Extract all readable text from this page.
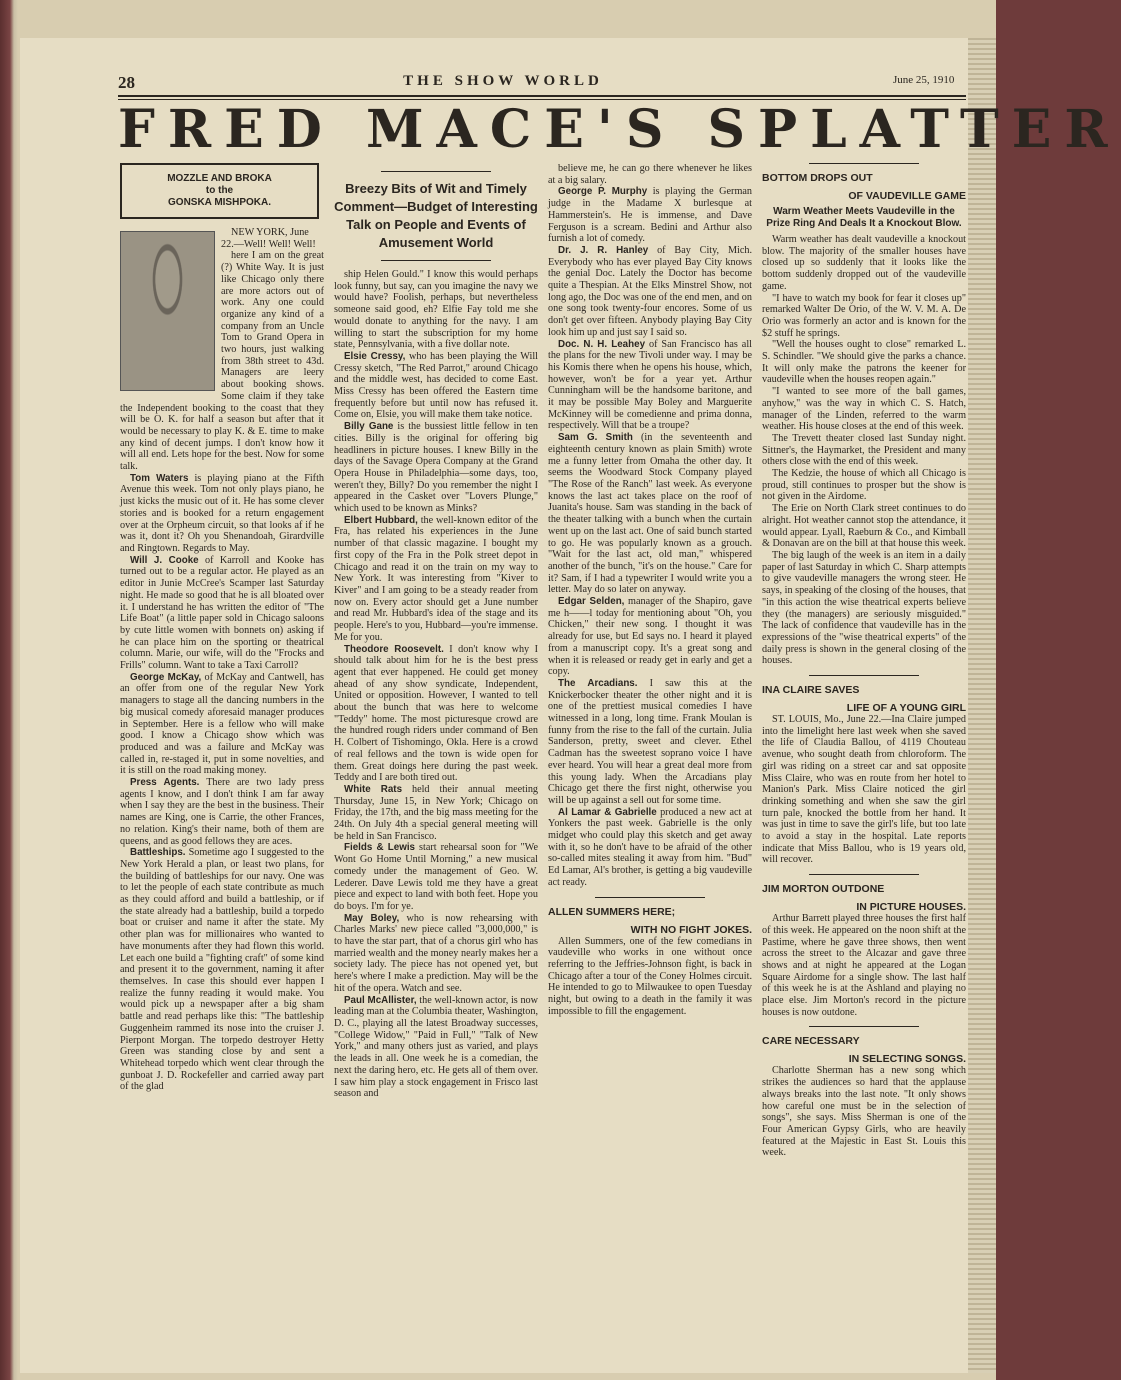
28	THE SHOW WORLD	June 25, 1910
FRED MACE'S SPLATTER
MOZZLE AND BROKA
to the
GONSKA MISHPOKA.

NEW YORK, June 22.—Well! Well! Well!

here I am on the great (?) White Way. It is just like Chicago only there are more actors out of work. Any one could organize any kind of a company from an Uncle Tom to Grand Opera in two hours, just walking from 38th street to 43d. Managers are leery about booking shows. Some claim if they take the Independent booking to the coast that they will be O. K. for half a season but after that it would be necessary to play K. & E. time to make any kind of decent jumps. I don't know how it will all end. Lets hope for the best. Now for some talk.

Tom Waters is playing piano at the Fifth Avenue this week. Tom not only plays piano, he just kicks the music out of it. He has some clever stories and is booked for a return engagement over at the Orpheum circuit, so that looks af if he was it, dont it? Oh you Shenandoah, Girardville and Ringtown. Regards to May.

Will J. Cooke of Karroll and Kooke has turned out to be a regular actor. He played as an editor in Junie McCree's Scamper last Saturday night. He made so good that he is all bloated over it. I understand he has written the editor of "The Life Boat" (a little paper sold in Chicago saloons by cute little women with bonnets on) asking if he can place him on the sporting or theatrical column. Marie, our wife, will do the "Frocks and Frills" column. Want to take a Taxi Carroll?

George McKay, of McKay and Cantwell, has an offer from one of the regular New York managers to stage all the dancing numbers in the big musical comedy aforesaid manager produces in September. Here is a fellow who will make good. I know a Chicago show which was produced and was a failure and McKay was called in, re-staged it, put in some novelties, and it is still on the road making money.

Press Agents. There are two lady press agents I know, and I don't think I am far away when I say they are the best in the business. Their names are King, one is Carrie, the other Frances, no relation. King's their name, both of them are queens, and as good fellows they are aces.

Battleships. Sometime ago I suggested to the New York Herald a plan, or least two plans, for the building of battleships for our navy. One was to let the people of each state contribute as much as they could afford and build a battleship, or if the state already had a battleship, build a torpedo boat or cruiser and name it after the state. My other plan was for millionaires who wanted to have monuments after they had flown this world. Let each one build a "fighting craft" of some kind and present it to the government, naming it after themselves. In case this should ever happen I realize the funny reading it would make. You would pick up a newspaper after a big sham battle and read perhaps like this: "The battleship Guggenheim rammed its nose into the cruiser J. Pierpont Morgan. The torpedo destroyer Hetty Green was standing close by and sent a Whitehead torpedo which went clear through the gunboat J. D. Rockefeller and carried away part of the glad

Breezy Bits of Wit and Timely Comment—Budget of Interesting Talk on People and Events of Amusement World

ship Helen Gould." I know this would perhaps look funny, but say, can you imagine the navy we would have? Foolish, perhaps, but nevertheless someone said good, eh? Elfie Fay told me she would donate to anything for the navy. I am willing to start the subscription for my home state, Pennsylvania, with a five dollar note.

Elsie Cressy, who has been playing the Will Cressy sketch, "The Red Parrot," around Chicago and the middle west, has decided to come East. Miss Cressy has been offered the Eastern time frequently before but until now has refused it. Come on, Elsie, you will make them take notice.

Billy Gane is the bussiest little fellow in ten cities. Billy is the original for offering big headliners in picture houses. I knew Billy in the days of the Savage Opera Company at the Grand Opera House in Philadelphia—some days, too, weren't they, Billy? Do you remember the night I appeared in the Casket over "Lovers Plunge," which used to be known as Minks?

Elbert Hubbard, the well-known editor of the Fra, has related his experiences in the June number of that classic magazine. I bought my first copy of the Fra in the Polk street depot in Chicago and read it on the train on my way to New York. It was interesting from "Kiver to Kiver" and I am going to be a steady reader from now on. Every actor should get a June number and read Mr. Hubbard's idea of the stage and its people. Here's to you, Hubbard—you're immense. Me for you.

Theodore Roosevelt. I don't know why I should talk about him for he is the best press agent that ever happened. He could get money ahead of any show syndicate, Independent, United or opposition. However, I wanted to tell about the bunch that was here to welcome "Teddy" home. The most picturesque crowd are the hundred rough riders under command of Ben H. Colbert of Tishomingo, Okla. Here is a crowd of real fellows and the town is wide open for them. Great doings here during the past week. Teddy and I are both tired out.

White Rats held their annual meeting Thursday, June 15, in New York; Chicago on Friday, the 17th, and the big mass meeting for the 24th. On July 4th a special general meeting will be held in San Francisco.

Fields & Lewis start rehearsal soon for "We Wont Go Home Until Morning," a new musical comedy under the management of Geo. W. Lederer. Dave Lewis told me they have a great piece and expect to land with both feet. Hope you do boys. I'm for ye.

May Boley, who is now rehearsing with Charles Marks' new piece called "3,000,000," is to have the star part, that of a chorus girl who has married wealth and the money nearly makes her a society lady. The piece has not opened yet, but here's where I make a prediction. May will be the hit of the opera. Watch and see.

Paul McAllister, the well-known actor, is now leading man at the Columbia theater, Washington, D. C., playing all the latest Broadway successes, "College Widow," "Paid in Full," "Talk of New York," and many others just as varied, and plays the leads in all. One week he is a comedian, the next the daring hero, etc. He gets all of them over. I saw him play a stock engagement in Frisco last season and

believe me, he can go there whenever he likes at a big salary.

George P. Murphy is playing the German judge in the Madame X burlesque at Hammerstein's. He is immense, and Dave Ferguson is a scream. Bedini and Arthur also furnish a lot of comedy.

Dr. J. R. Hanley of Bay City, Mich. Everybody who has ever played Bay City knows the genial Doc. Lately the Doctor has become quite a Thespian. At the Elks Minstrel Show, not long ago, the Doc was one of the end men, and on one song took twenty-four encores. Some of us don't get over fifteen. Anybody playing Bay City look him up and just say I said so.

Doc. N. H. Leahey of San Francisco has all the plans for the new Tivoli under way. I may be his Komis there when he opens his house, which, however, won't be for a year yet. Arthur Cunningham will be the handsome baritone, and it may be possible May Boley and Marguerite McKinney will be comedienne and prima donna, respectively. Will that be a troupe?

Sam G. Smith (in the seventeenth and eighteenth century known as plain Smith) wrote me a funny letter from Omaha the other day. It seems the Woodward Stock Company played "The Rose of the Ranch" last week. As everyone knows the last act takes place on the roof of Juanita's house. Sam was standing in the back of the theater talking with a bunch when the curtain went up on the last act. One of said bunch started to go. He was popularly known as a grouch. "Wait for the last act, old man," whispered another of the bunch, "it's on the house." Care for it? Sam, if I had a typewriter I would write you a letter. May do so later on anyway.

Edgar Selden, manager of the Shapiro, gave me h——l today for mentioning about "Oh, you Chicken," their new song. I thought it was already for use, but Ed says no. I heard it played from a manuscript copy. It's a great song and when it is released or ready get in early and get a copy.

The Arcadians. I saw this at the Knickerbocker theater the other night and it is one of the prettiest musical comedies I have witnessed in a long, long time. Frank Moulan is funny from the rise to the fall of the curtain. Julia Sanderson, pretty, sweet and clever. Ethel Cadman has the sweetest soprano voice I have ever heard. You will hear a great deal more from this young lady. When the Arcadians play Chicago get there the first night, otherwise you will be up against a sell out for some time.

Al Lamar & Gabrielle produced a new act at Yonkers the past week. Gabrielle is the only midget who could play this sketch and get away with it, so he don't have to be afraid of the other so-called mites stealing it away from him. "Bud" Ed Lamar, Al's brother, is getting a big vaudeville act ready.

ALLEN SUMMERS HERE;
WITH NO FIGHT JOKES.

Allen Summers, one of the few comedians in vaudeville who works in one without once referring to the Jeffries-Johnson fight, is back in Chicago after a tour of the Coney Holmes circuit. He intended to go to Milwaukee to open Tuesday night, but owing to a death in the family it was impossible to fill the engagement.

BOTTOM DROPS OUT
OF VAUDEVILLE GAME
Warm Weather Meets Vaudeville in the Prize Ring And Deals It a Knockout Blow.

Warm weather has dealt vaudeville a knockout blow. The majority of the smaller houses have closed up so suddenly that it looks like the bottom suddenly dropped out of the vaudeville game.

"I have to watch my book for fear it closes up" remarked Walter De Orio, of the W. V. M. A. De Orio was formerly an actor and is known for the $2 stuff he springs.

"Well the houses ought to close" remarked L. S. Schindler. "We should give the parks a chance. It will only make the patrons the keener for vaudeville when the houses reopen again."

"I wanted to see more of the ball games, anyhow," was the way in which C. S. Hatch, manager of the Linden, referred to the warm weather. His house closes at the end of this week.

The Trevett theater closed last Sunday night. Sittner's, the Haymarket, the President and many others close with the end of this week.

The Kedzie, the house of which all Chicago is proud, still continues to prosper but the show is not given in the Airdome.

The Erie on North Clark street continues to do alright. Hot weather cannot stop the attendance, it would appear. Lyall, Raeburn & Co., and Kimball & Donavan are on the bill at that house this week.

The big laugh of the week is an item in a daily paper of last Saturday in which C. Sharp attempts to give vaudeville managers the wrong steer. He says, in speaking of the closing of the houses, that "in this action the wise theatrical experts believe they (the managers) are seriously misguided." The lack of confidence that vaudeville has in the expressions of the "wise theatrical experts" of the daily press is shown in the general closing of the houses.

INA CLAIRE SAVES
LIFE OF A YOUNG GIRL

ST. LOUIS, Mo., June 22.—Ina Claire jumped into the limelight here last week when she saved the life of Claudia Ballou, of 4119 Chouteau avenue, who sought death from chloroform. The girl was riding on a street car and sat opposite Miss Claire, who was en route from her hotel to Manion's Park. Miss Claire noticed the girl drinking something and when she saw the girl turn pale, knocked the bottle from her hand. It was just in time to save the girl's life, but too late to avoid a stay in the hospital. Late reports indicate that Miss Ballou, who is 19 years old, will recover.

JIM MORTON OUTDONE
IN PICTURE HOUSES.

Arthur Barrett played three houses the first half of this week. He appeared on the noon shift at the Pastime, where he gave three shows, then went across the street to the Alcazar and gave three shows and at night he appeared at the Logan Square Airdome for a single show. The last half of this week he is at the Ashland and playing no place else. Jim Morton's record in the picture houses is now outdone.

CARE NECESSARY
IN SELECTING SONGS.

Charlotte Sherman has a new song which strikes the audiences so hard that the applause always breaks into the last note. "It only shows how careful one must be in the selection of songs", she says. Miss Sherman is one of the Four American Gypsy Girls, who are heavily featured at the Majestic in East St. Louis this week.
